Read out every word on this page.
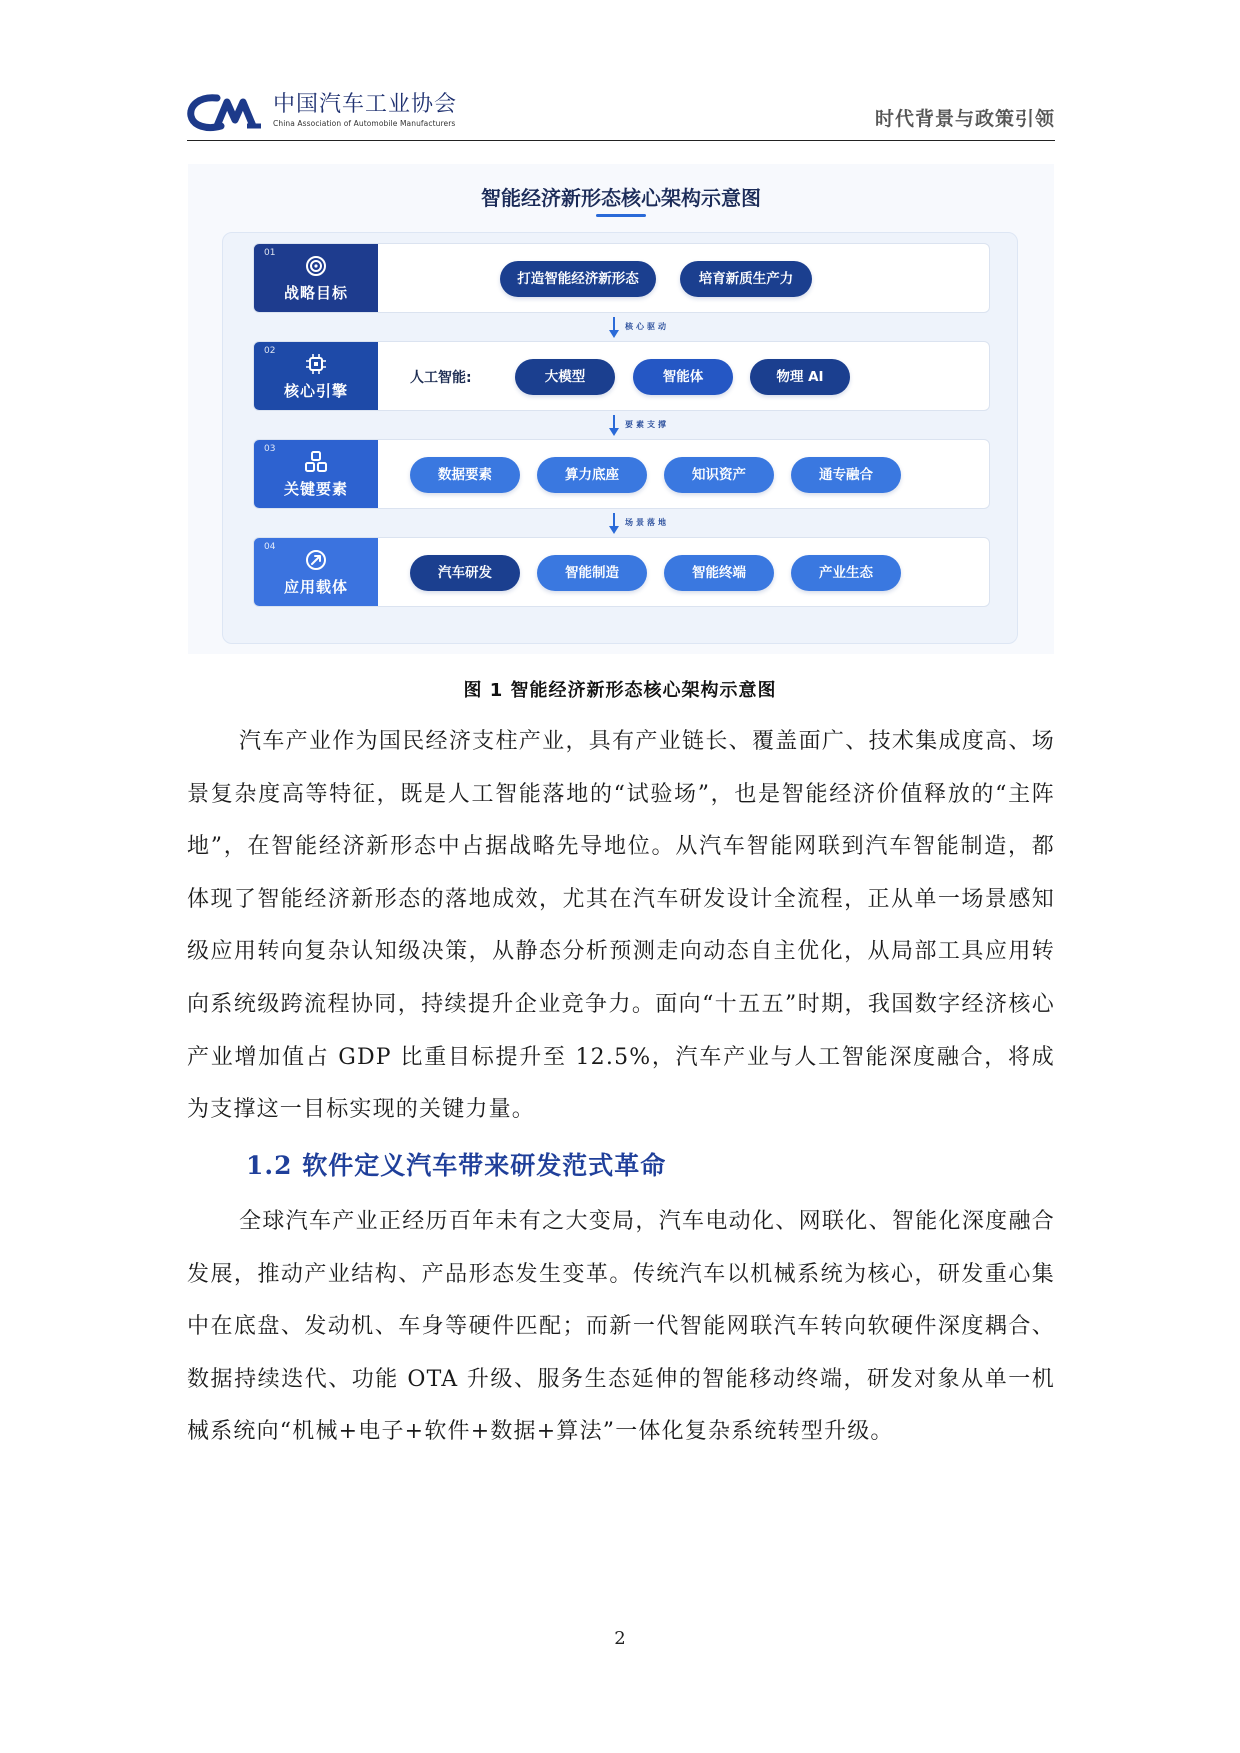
中国汽车工业协会
China Association of Automobile Manufacturers	时代背景与政策引领
智能经济新形态核心架构示意图
01
战略目标
打造智能经济新形态	培育新质生产力
核心驱动
02
核心引擎
人工智能:	大模型	智能体	物理 AI
要素支撑
03
关键要素
数据要素	算力底座	知识资产	通专融合
场景落地
04
应用载体
汽车研发	智能制造	智能终端	产业生态
图 1 智能经济新形态核心架构示意图
汽车产业作为国民经济支柱产业，具有产业链长、覆盖面广、技术集成度高、场景复杂度高等特征，既是人工智能落地的“试验场”，也是智能经济价值释放的“主阵地”，在智能经济新形态中占据战略先导地位。从汽车智能网联到汽车智能制造，都体现了智能经济新形态的落地成效，尤其在汽车研发设计全流程，正从单一场景感知级应用转向复杂认知级决策，从静态分析预测走向动态自主优化，从局部工具应用转向系统级跨流程协同，持续提升企业竞争力。面向“十五五”时期，我国数字经济核心产业增加值占 GDP 比重目标提升至 12.5%，汽车产业与人工智能深度融合，将成为支撑这一目标实现的关键力量。
1.2 软件定义汽车带来研发范式革命
全球汽车产业正经历百年未有之大变局，汽车电动化、网联化、智能化深度融合发展，推动产业结构、产品形态发生变革。传统汽车以机械系统为核心，研发重心集中在底盘、发动机、车身等硬件匹配；而新一代智能网联汽车转向软硬件深度耦合、数据持续迭代、功能 OTA 升级、服务生态延伸的智能移动终端，研发对象从单一机械系统向“机械+电子+软件+数据+算法”一体化复杂系统转型升级。
2
